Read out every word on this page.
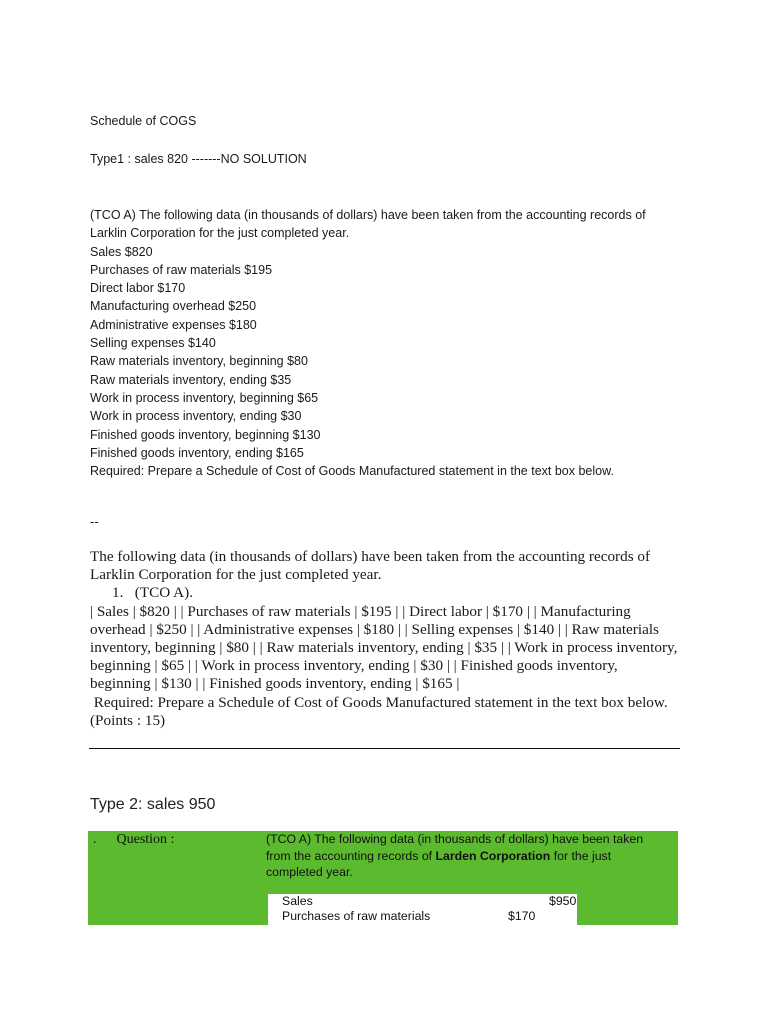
Schedule of COGS
Type1 : sales 820 -------NO SOLUTION
(TCO A) The following data (in thousands of dollars) have been taken from the accounting records of
Larklin Corporation for the just completed year.
Sales $820
Purchases of raw materials $195
Direct labor $170
Manufacturing overhead $250
Administrative expenses $180
Selling expenses $140
Raw materials inventory, beginning $80
Raw materials inventory, ending $35
Work in process inventory, beginning $65
Work in process inventory, ending $30
Finished goods inventory, beginning $130
Finished goods inventory, ending $165
Required: Prepare a Schedule of Cost of Goods Manufactured statement in the text box below.
--
The following data (in thousands of dollars) have been taken from the accounting records of Larklin Corporation for the just completed year.
1.   (TCO A).
| Sales | $820 | | Purchases of raw materials | $195 | | Direct labor | $170 | | Manufacturing overhead | $250 | | Administrative expenses | $180 | | Selling expenses | $140 | | Raw materials inventory, beginning | $80 | | Raw materials inventory, ending | $35 | | Work in process inventory, beginning | $65 | | Work in process inventory, ending | $30 | | Finished goods inventory, beginning | $130 | | Finished goods inventory, ending | $165 |
Required: Prepare a Schedule of Cost of Goods Manufactured statement in the text box below.(Points : 15)
Type 2: sales 950
. Question :	(TCO A) The following data (in thousands of dollars) have been taken from the accounting records of Larden Corporation for the just completed year.
Sales	$950
Purchases of raw materials	$170
